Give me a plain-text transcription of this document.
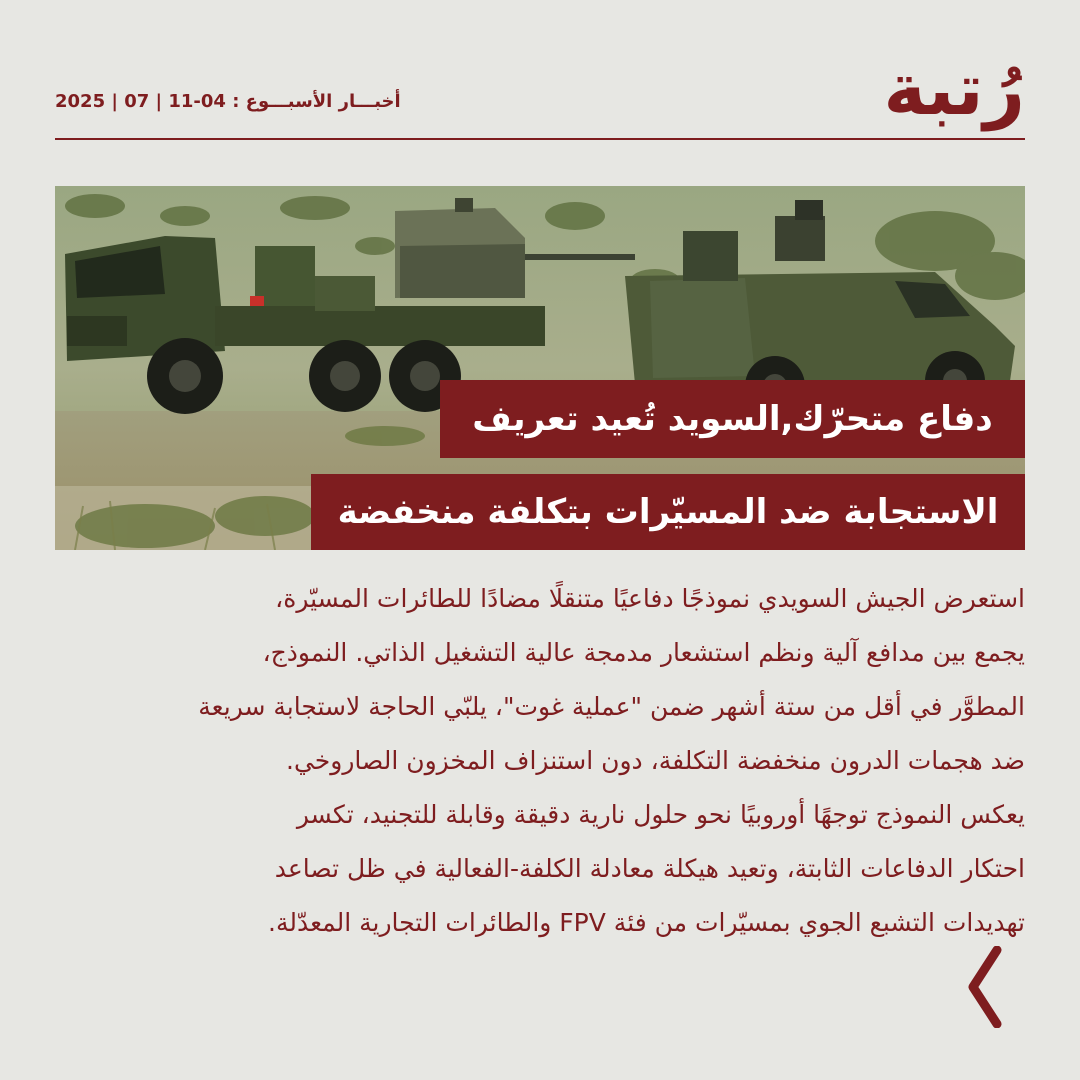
رُتبة
2025 | 07 | 11-04 أخبـــار الأسبـــوع :
دفاع متحرّك,السويد تُعيد تعريف
الاستجابة ضد المسيّرات بتكلفة منخفضة
استعرض الجيش السويدي نموذجًا دفاعيًا متنقلًا مضادًا للطائرات المسيّرة،
يجمع بين مدافع آلية ونظم استشعار مدمجة عالية التشغيل الذاتي. النموذج،
المطوَّر في أقل من ستة أشهر ضمن "عملية غوت"، يلبّي الحاجة لاستجابة سريعة
ضد هجمات الدرون منخفضة التكلفة، دون استنزاف المخزون الصاروخي.
يعكس النموذج توجهًا أوروبيًا نحو حلول نارية دقيقة وقابلة للتجنيد، تكسر
احتكار الدفاعات الثابتة، وتعيد هيكلة معادلة الكلفة-الفعالية في ظل تصاعد
تهديدات التشبع الجوي بمسيّرات من فئة FPV والطائرات التجارية المعدّلة.
